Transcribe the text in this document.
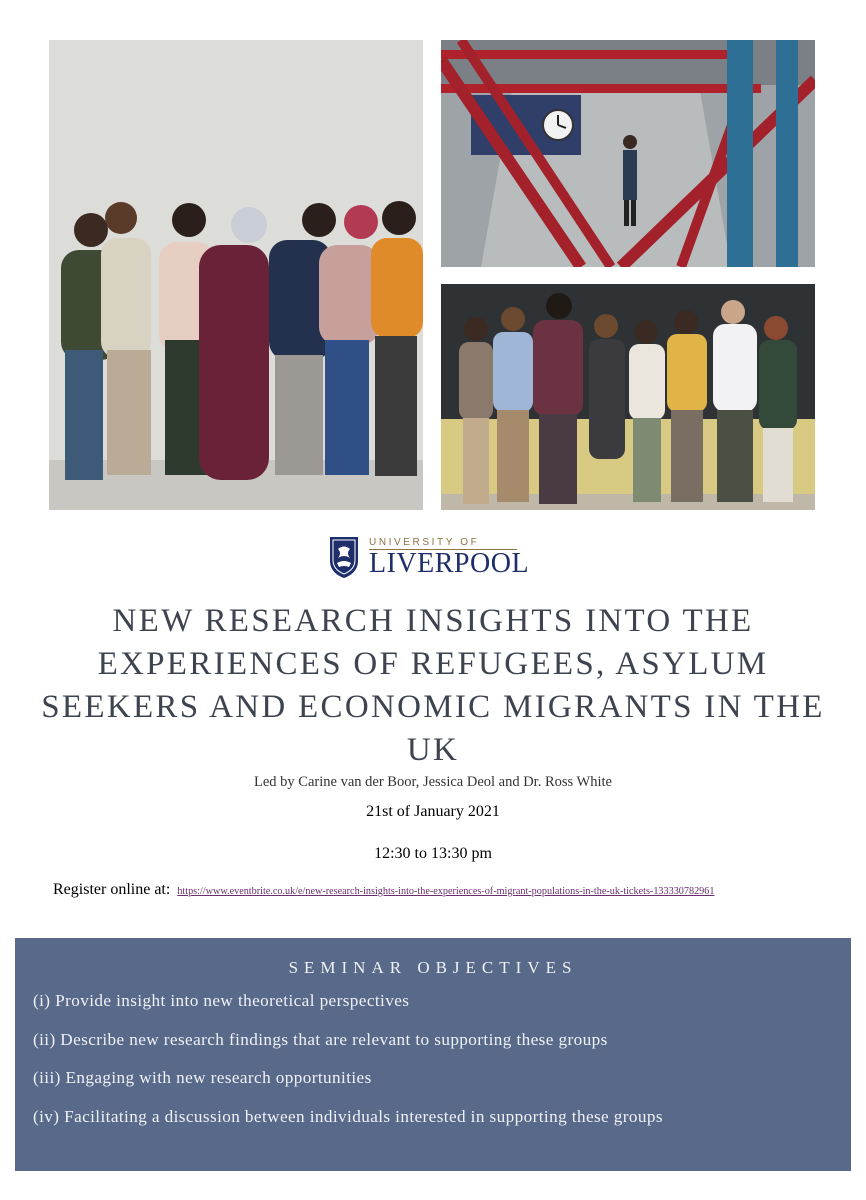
UNIVERSITY OF
LIVERPOOL
NEW RESEARCH INSIGHTS INTO THE EXPERIENCES OF REFUGEES, ASYLUM SEEKERS AND ECONOMIC MIGRANTS IN THE UK
Led by Carine van der Boor, Jessica Deol and Dr. Ross White
21st of January 2021
12:30 to 13:30 pm
Register online at: https://www.eventbrite.co.uk/e/new-research-insights-into-the-experiences-of-migrant-populations-in-the-uk-tickets-133330782961
SEMINAR OBJECTIVES
(i) Provide insight into new theoretical perspectives
(ii) Describe new research findings that are relevant to supporting these groups
(iii) Engaging with new research opportunities
(iv) Facilitating a discussion between individuals interested in supporting these groups
